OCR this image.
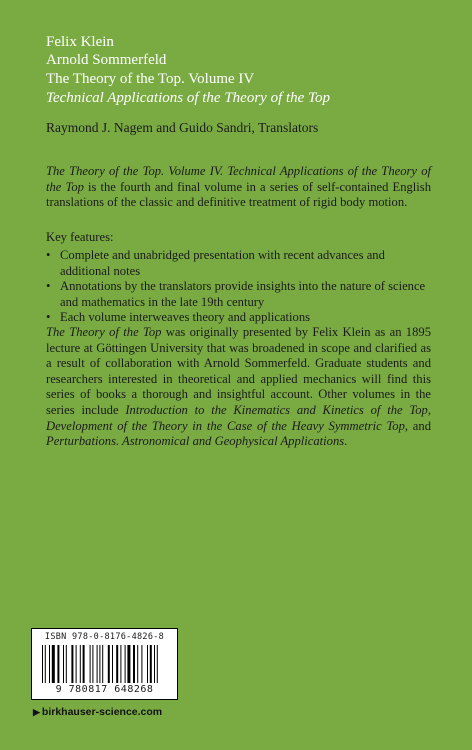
Felix Klein
Arnold Sommerfeld
The Theory of the Top. Volume IV
Technical Applications of the Theory of the Top
Raymond J. Nagem and Guido Sandri, Translators

The Theory of the Top. Volume IV. Technical Applications of the Theory of the Top is the fourth and final volume in a series of self-contained English translations of the classic and definitive treatment of rigid body motion.

Key features:
• Complete and unabridged presentation with recent advances and additional notes
• Annotations by the translators provide insights into the nature of science and mathematics in the late 19th century
• Each volume interweaves theory and applications

The Theory of the Top was originally presented by Felix Klein as an 1895 lecture at Göttingen University that was broadened in scope and clarified as a result of collaboration with Arnold Sommerfeld. Graduate students and researchers interested in theoretical and applied mechanics will find this series of books a thorough and insightful account. Other volumes in the series include Introduction to the Kinematics and Kinetics of the Top, Development of the Theory in the Case of the Heavy Symmetric Top, and Perturbations. Astronomical and Geophysical Applications.

ISBN 978-0-8176-4826-8
9 780817 648268
▶ birkhauser-science.com
